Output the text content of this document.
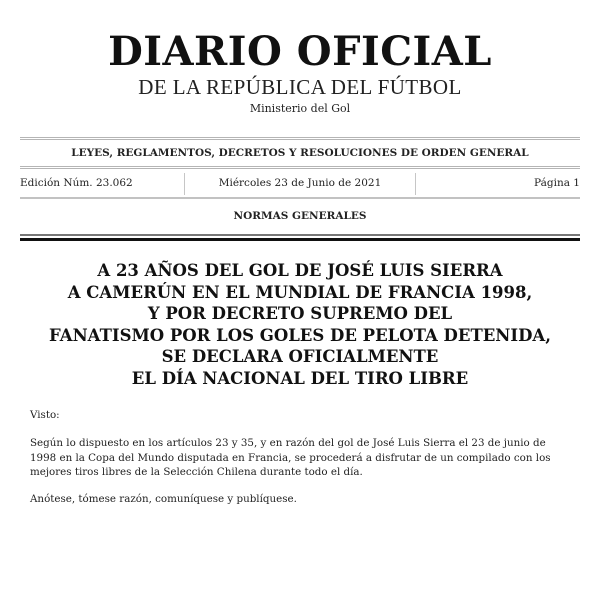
DIARIO OFICIAL
DE LA REPÚBLICA DEL FÚTBOL
Ministerio del Gol
LEYES, REGLAMENTOS, DECRETOS Y RESOLUCIONES DE ORDEN GENERAL
Edición Núm. 23.062	Miércoles 23 de Junio de 2021	Página 1
NORMAS GENERALES
A 23 AÑOS DEL GOL DE JOSÉ LUIS SIERRA
A CAMERÚN EN EL MUNDIAL DE FRANCIA 1998,
Y POR DECRETO SUPREMO DEL
FANATISMO POR LOS GOLES DE PELOTA DETENIDA,
SE DECLARA OFICIALMENTE
EL DÍA NACIONAL DEL TIRO LIBRE
Visto:
Según lo dispuesto en los artículos 23 y 35, y en razón del gol de José Luis Sierra el 23 de junio de 1998 en la Copa del Mundo disputada en Francia, se procederá a disfrutar de un compilado con los mejores tiros libres de la Selección Chilena durante todo el día.
Anótese, tómese razón, comuníquese y publíquese.
